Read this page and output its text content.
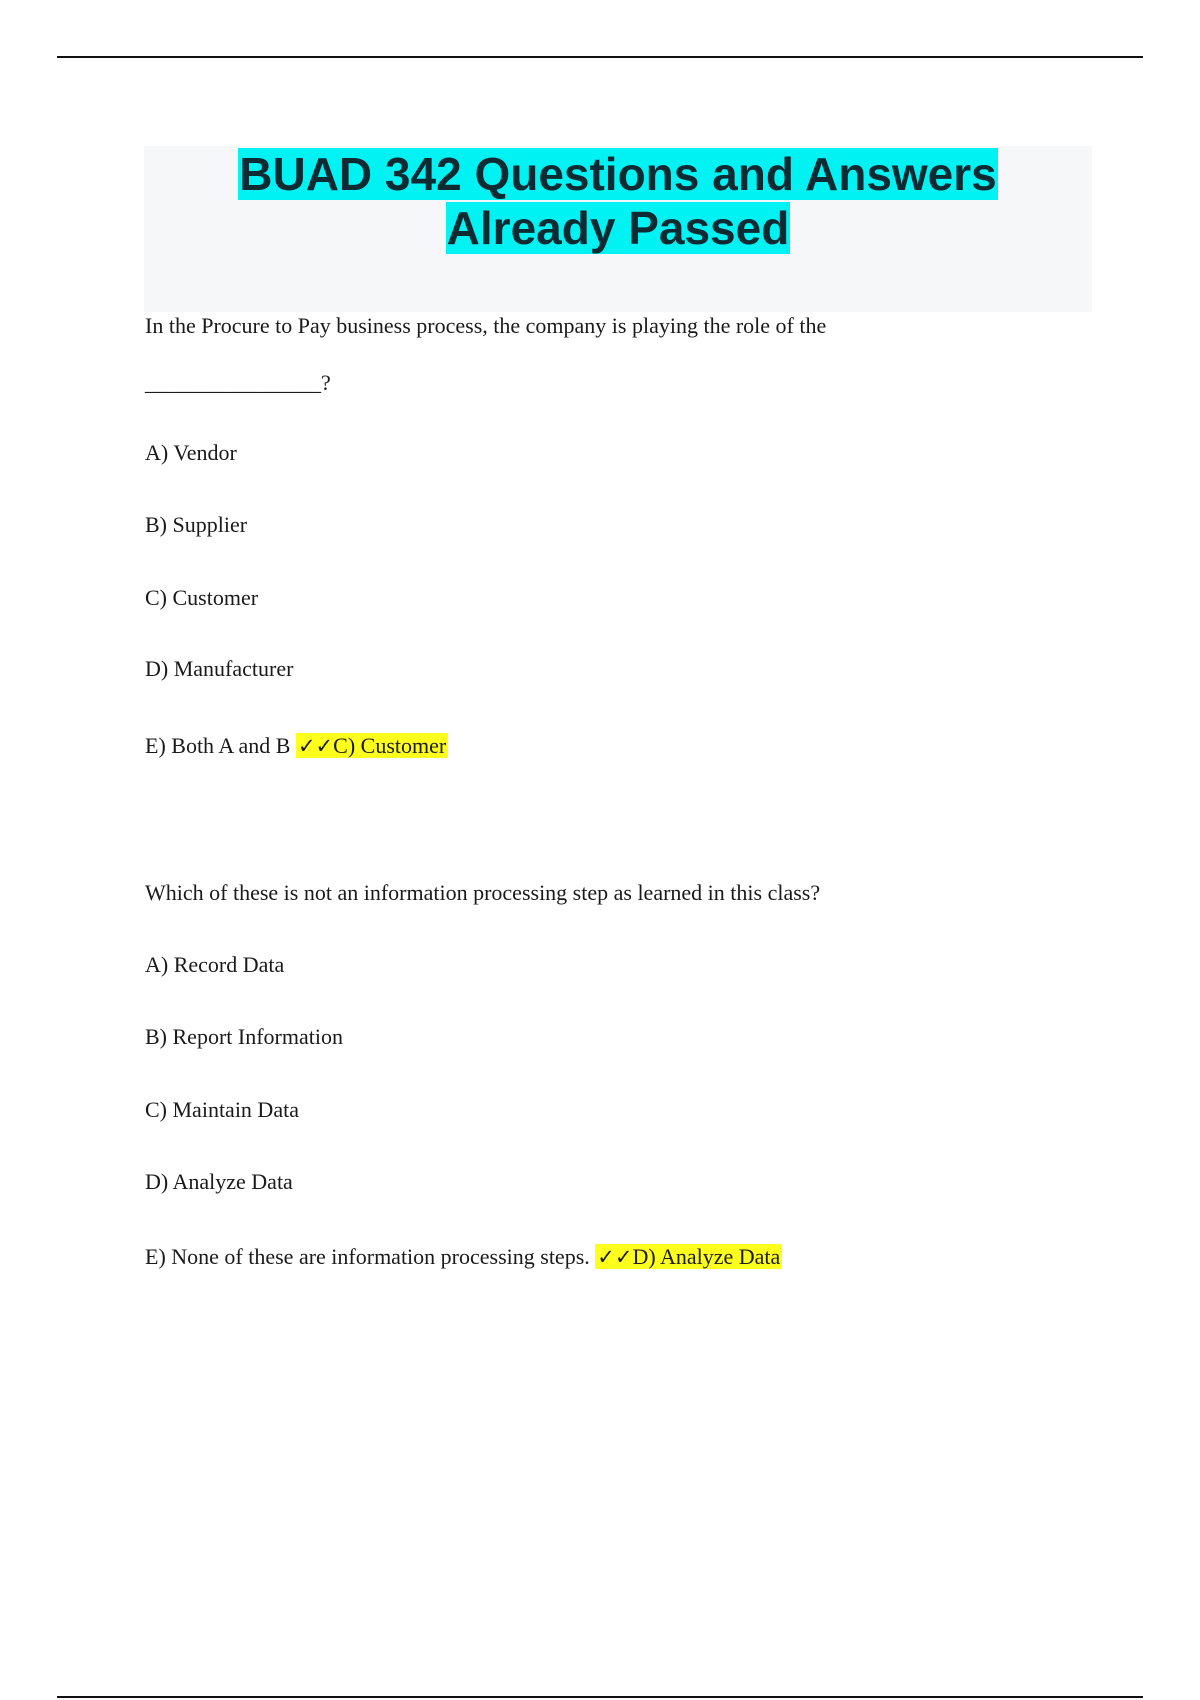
BUAD 342 Questions and Answers
Already Passed
In the Procure to Pay business process, the company is playing the role of the
________________?
A) Vendor
B) Supplier
C) Customer
D) Manufacturer
E) Both A and B ✓✓C) Customer
Which of these is not an information processing step as learned in this class?
A) Record Data
B) Report Information
C) Maintain Data
D) Analyze Data
E) None of these are information processing steps. ✓✓D) Analyze Data
